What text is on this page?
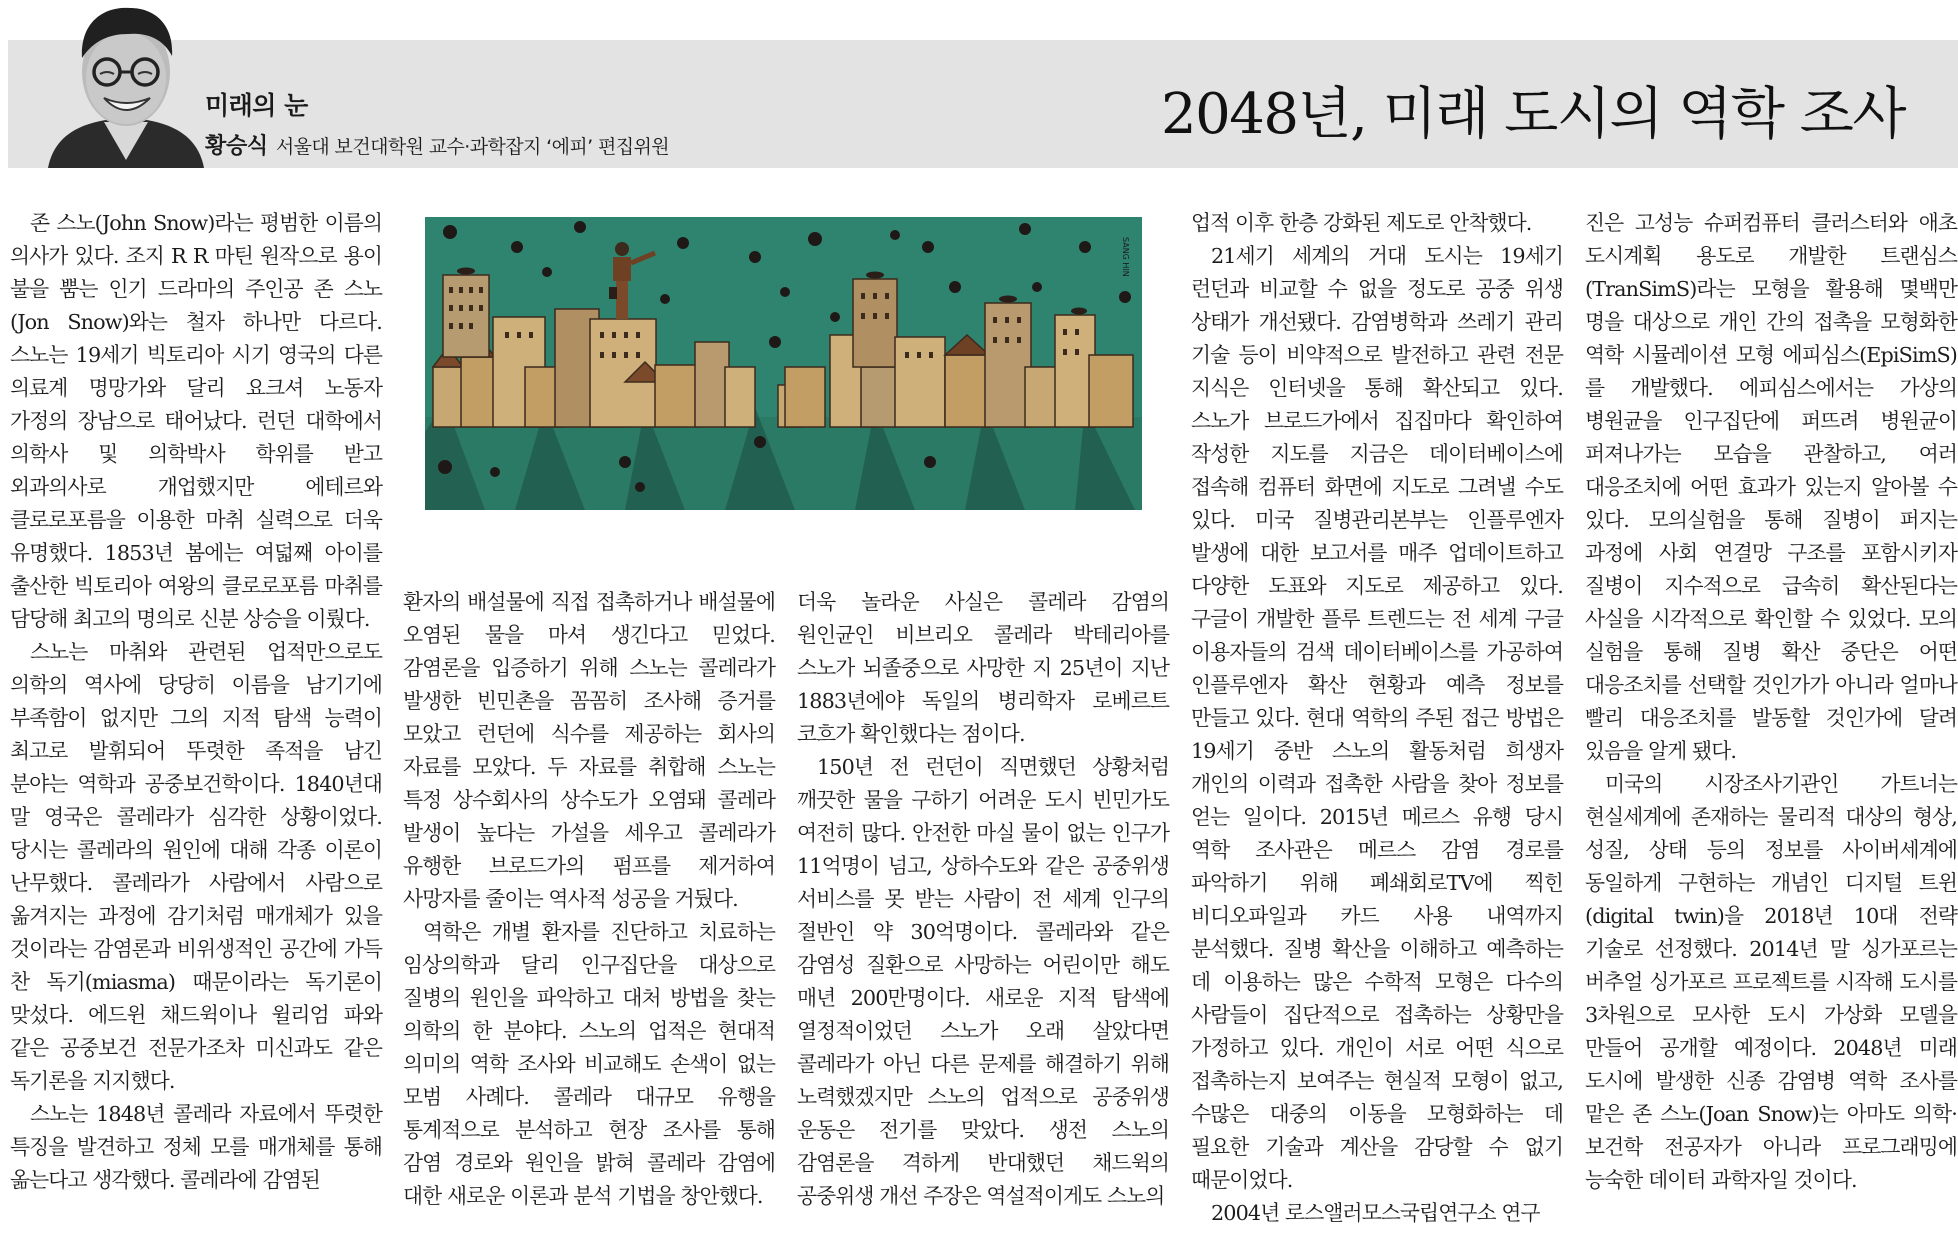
미래의 눈
황승식 서울대 보건대학원 교수·과학잡지 ‘에피’ 편집위원	2048년, 미래 도시의 역학 조사
SANG HIN

존 스노(John Snow)라는 평범한 이름의 의사가 있다. 조지 R R 마틴 원작으로 용이 불을 뿜는 인기 드라마의 주인공 존 스노(Jon Snow)와는 철자 하나만 다르다. 스노는 19세기 빅토리아 시기 영국의 다른 의료계 명망가와 달리 요크셔 노동자 가정의 장남으로 태어났다. 런던 대학에서 의학사 및 의학박사 학위를 받고 외과의사로 개업했지만 에테르와 클로로포름을 이용한 마취 실력으로 더욱 유명했다. 1853년 봄에는 여덟째 아이를 출산한 빅토리아 여왕의 클로로포름 마취를 담당해 최고의 명의로 신분 상승을 이뤘다.

스노는 마취와 관련된 업적만으로도 의학의 역사에 당당히 이름을 남기기에 부족함이 없지만 그의 지적 탐색 능력이 최고로 발휘되어 뚜렷한 족적을 남긴 분야는 역학과 공중보건학이다. 1840년대 말 영국은 콜레라가 심각한 상황이었다. 당시는 콜레라의 원인에 대해 각종 이론이 난무했다. 콜레라가 사람에서 사람으로 옮겨지는 과정에 감기처럼 매개체가 있을 것이라는 감염론과 비위생적인 공간에 가득 찬 독기(miasma) 때문이라는 독기론이 맞섰다. 에드윈 채드윅이나 윌리엄 파와 같은 공중보건 전문가조차 미신과도 같은 독기론을 지지했다.

스노는 1848년 콜레라 자료에서 뚜렷한 특징을 발견하고 정체 모를 매개체를 통해 옮는다고 생각했다. 콜레라에 감염된

환자의 배설물에 직접 접촉하거나 배설물에 오염된 물을 마셔 생긴다고 믿었다. 감염론을 입증하기 위해 스노는 콜레라가 발생한 빈민촌을 꼼꼼히 조사해 증거를 모았고 런던에 식수를 제공하는 회사의 자료를 모았다. 두 자료를 취합해 스노는 특정 상수회사의 상수도가 오염돼 콜레라 발생이 높다는 가설을 세우고 콜레라가 유행한 브로드가의 펌프를 제거하여 사망자를 줄이는 역사적 성공을 거뒀다.

역학은 개별 환자를 진단하고 치료하는 임상의학과 달리 인구집단을 대상으로 질병의 원인을 파악하고 대처 방법을 찾는 의학의 한 분야다. 스노의 업적은 현대적 의미의 역학 조사와 비교해도 손색이 없는 모범 사례다. 콜레라 대규모 유행을 통계적으로 분석하고 현장 조사를 통해 감염 경로와 원인을 밝혀 콜레라 감염에 대한 새로운 이론과 분석 기법을 창안했다.

더욱 놀라운 사실은 콜레라 감염의 원인균인 비브리오 콜레라 박테리아를 스노가 뇌졸중으로 사망한 지 25년이 지난 1883년에야 독일의 병리학자 로베르트 코흐가 확인했다는 점이다.

150년 전 런던이 직면했던 상황처럼 깨끗한 물을 구하기 어려운 도시 빈민가도 여전히 많다. 안전한 마실 물이 없는 인구가 11억명이 넘고, 상하수도와 같은 공중위생 서비스를 못 받는 사람이 전 세계 인구의 절반인 약 30억명이다. 콜레라와 같은 감염성 질환으로 사망하는 어린이만 해도 매년 200만명이다. 새로운 지적 탐색에 열정적이었던 스노가 오래 살았다면 콜레라가 아닌 다른 문제를 해결하기 위해 노력했겠지만 스노의 업적으로 공중위생 운동은 전기를 맞았다. 생전 스노의 감염론을 격하게 반대했던 채드윅의 공중위생 개선 주장은 역설적이게도 스노의

업적 이후 한층 강화된 제도로 안착했다.

21세기 세계의 거대 도시는 19세기 런던과 비교할 수 없을 정도로 공중 위생 상태가 개선됐다. 감염병학과 쓰레기 관리 기술 등이 비약적으로 발전하고 관련 전문 지식은 인터넷을 통해 확산되고 있다. 스노가 브로드가에서 집집마다 확인하여 작성한 지도를 지금은 데이터베이스에 접속해 컴퓨터 화면에 지도로 그려낼 수도 있다. 미국 질병관리본부는 인플루엔자 발생에 대한 보고서를 매주 업데이트하고 다양한 도표와 지도로 제공하고 있다. 구글이 개발한 플루 트렌드는 전 세계 구글 이용자들의 검색 데이터베이스를 가공하여 인플루엔자 확산 현황과 예측 정보를 만들고 있다. 현대 역학의 주된 접근 방법은 19세기 중반 스노의 활동처럼 희생자 개인의 이력과 접촉한 사람을 찾아 정보를 얻는 일이다. 2015년 메르스 유행 당시 역학 조사관은 메르스 감염 경로를 파악하기 위해 폐쇄회로TV에 찍힌 비디오파일과 카드 사용 내역까지 분석했다. 질병 확산을 이해하고 예측하는 데 이용하는 많은 수학적 모형은 다수의 사람들이 집단적으로 접촉하는 상황만을 가정하고 있다. 개인이 서로 어떤 식으로 접촉하는지 보여주는 현실적 모형이 없고, 수많은 대중의 이동을 모형화하는 데 필요한 기술과 계산을 감당할 수 없기 때문이었다.

2004년 로스앨러모스국립연구소 연구

진은 고성능 슈퍼컴퓨터 클러스터와 애초 도시계획 용도로 개발한 트랜심스(TranSimS)라는 모형을 활용해 몇백만 명을 대상으로 개인 간의 접촉을 모형화한 역학 시뮬레이션 모형 에피심스(EpiSimS)를 개발했다. 에피심스에서는 가상의 병원균을 인구집단에 퍼뜨려 병원균이 퍼져나가는 모습을 관찰하고, 여러 대응조치에 어떤 효과가 있는지 알아볼 수 있다. 모의실험을 통해 질병이 퍼지는 과정에 사회 연결망 구조를 포함시키자 질병이 지수적으로 급속히 확산된다는 사실을 시각적으로 확인할 수 있었다. 모의 실험을 통해 질병 확산 중단은 어떤 대응조치를 선택할 것인가가 아니라 얼마나 빨리 대응조치를 발동할 것인가에 달려 있음을 알게 됐다.

미국의 시장조사기관인 가트너는 현실세계에 존재하는 물리적 대상의 형상, 성질, 상태 등의 정보를 사이버세계에 동일하게 구현하는 개념인 디지털 트윈(digital twin)을 2018년 10대 전략 기술로 선정했다. 2014년 말 싱가포르는 버추얼 싱가포르 프로젝트를 시작해 도시를 3차원으로 모사한 도시 가상화 모델을 만들어 공개할 예정이다. 2048년 미래 도시에 발생한 신종 감염병 역학 조사를 맡은 존 스노(Joan Snow)는 아마도 의학·보건학 전공자가 아니라 프로그래밍에 능숙한 데이터 과학자일 것이다.
